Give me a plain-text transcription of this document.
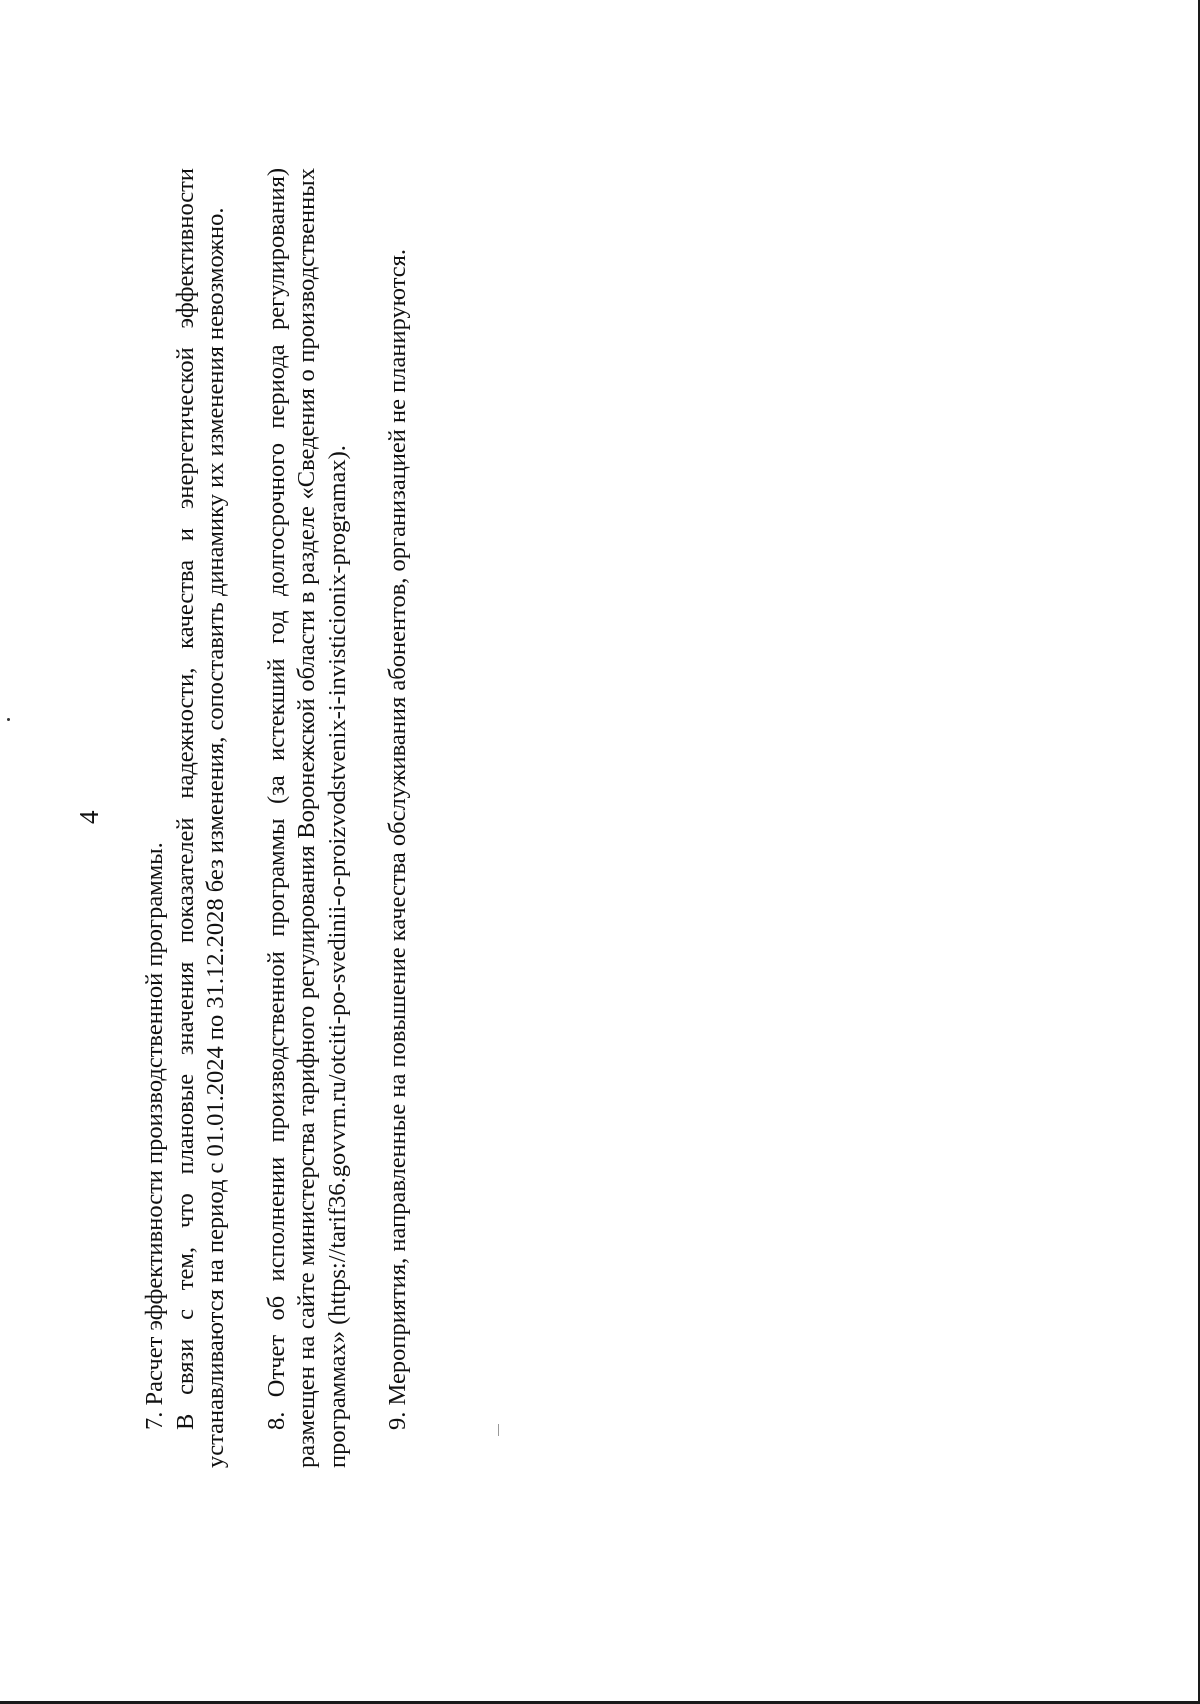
4

7. Расчет эффективности производственной программы. В связи с тем, что плановые значения показателей надежности, качества и энергетической эффективности устанавливаются на период с 01.01.2024 по 31.12.2028 без изменения, сопоставить динамику их изменения невозможно. 8. Отчет об исполнении производственной программы (за истекший год долгосрочного периода регулирования) размещен на сайте министерства тарифного регулирования Воронежской области в разделе «Сведения о производственных программах» (https://tarif36.govvrn.ru/otciti-po-svedinii-o-proizvodstvenix-i-invisticionix-programax). 9. Мероприятия, направленные на повышение качества обслуживания абонентов, организацией не планируются.
